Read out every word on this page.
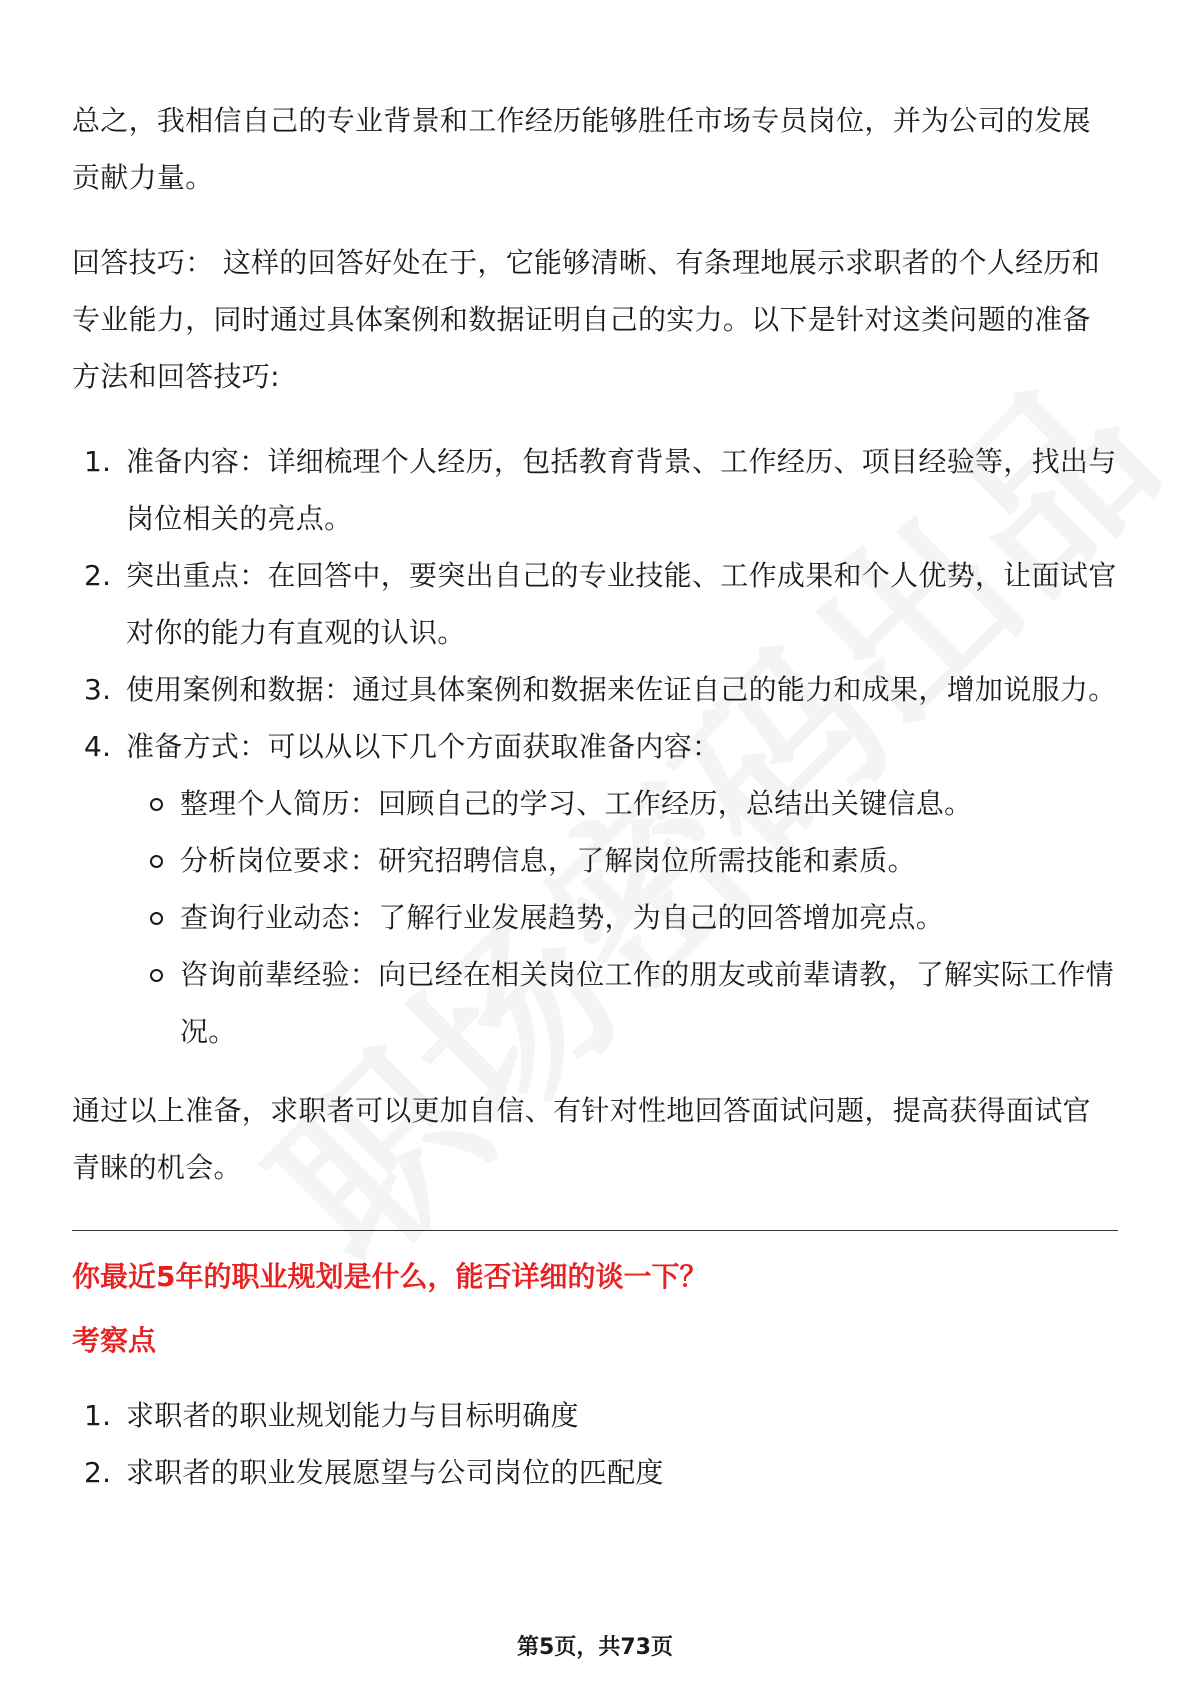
总之，我相信自己的专业背景和工作经历能够胜任市场专员岗位，并为公司的发展贡献力量。

回答技巧： 这样的回答好处在于，它能够清晰、有条理地展示求职者的个人经历和专业能力，同时通过具体案例和数据证明自己的实力。以下是针对这类问题的准备方法和回答技巧:

1. 准备内容：详细梳理个人经历，包括教育背景、工作经历、项目经验等，找出与岗位相关的亮点。
2. 突出重点：在回答中，要突出自己的专业技能、工作成果和个人优势，让面试官对你的能力有直观的认识。
3. 使用案例和数据：通过具体案例和数据来佐证自己的能力和成果，增加说服力。
4. 准备方式：可以从以下几个方面获取准备内容：
整理个人简历：回顾自己的学习、工作经历，总结出关键信息。
分析岗位要求：研究招聘信息，了解岗位所需技能和素质。
查询行业动态：了解行业发展趋势，为自己的回答增加亮点。
咨询前辈经验：向已经在相关岗位工作的朋友或前辈请教，了解实际工作情况。

通过以上准备，求职者可以更加自信、有针对性地回答面试问题，提高获得面试官青睐的机会。

你最近5年的职业规划是什么，能否详细的谈一下？

考察点

1. 求职者的职业规划能力与目标明确度
2. 求职者的职业发展愿望与公司岗位的匹配度
第5页，共73页
